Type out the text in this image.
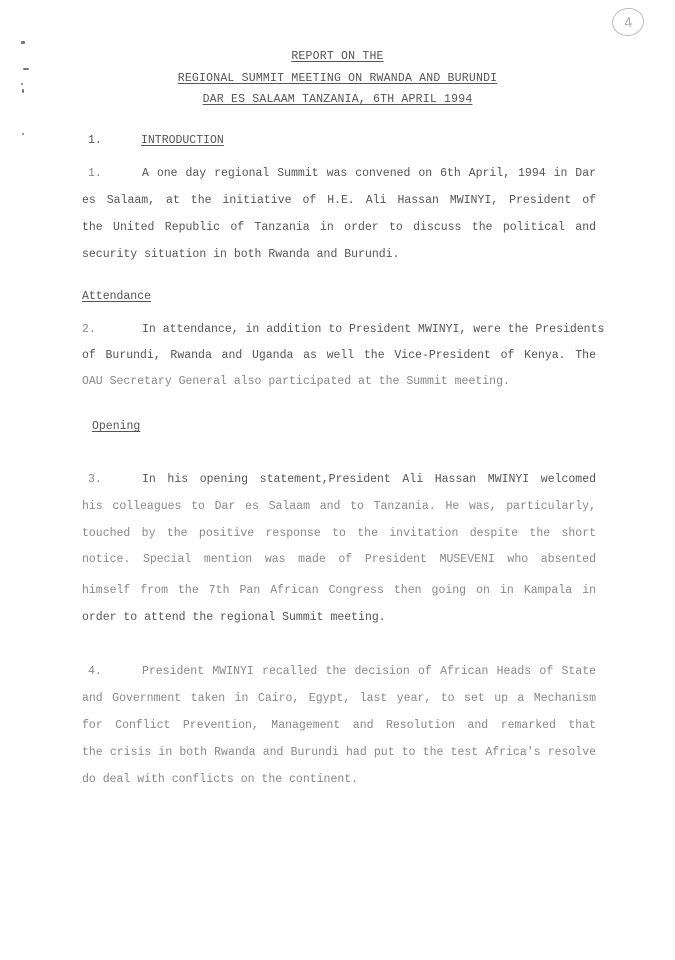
4
REPORT ON THE
REGIONAL SUMMIT MEETING ON RWANDA AND BURUNDI
DAR ES SALAAM TANZANIA, 6TH APRIL 1994
1.	INTRODUCTION
1.	A one day regional Summit was convened on 6th April, 1994 in Dar
es Salaam, at the initiative of H.E. Ali Hassan MWINYI, President of
the United Republic of Tanzania in order to discuss the political and
security situation in both Rwanda and Burundi.
Attendance
2.	In attendance, in addition to President MWINYI, were the Presidents
of Burundi, Rwanda and Uganda as well the Vice-President of Kenya. The
OAU Secretary General also participated at the Summit meeting.
Opening
3.	In his opening statement,President Ali Hassan MWINYI welcomed
his colleagues to Dar es Salaam and to Tanzania. He was, particularly,
touched by the positive response to the invitation despite the short
notice. Special mention was made of President MUSEVENI who absented
himself from the 7th Pan African Congress then going on in Kampala in
order to attend the regional Summit meeting.
4.	President MWINYI recalled the decision of African Heads of State
and Government taken in Cairo, Egypt, last year, to set up a Mechanism
for Conflict Prevention, Management and Resolution and remarked that
the crisis in both Rwanda and Burundi had put to the test Africa's resolve
do deal with conflicts on the continent.
